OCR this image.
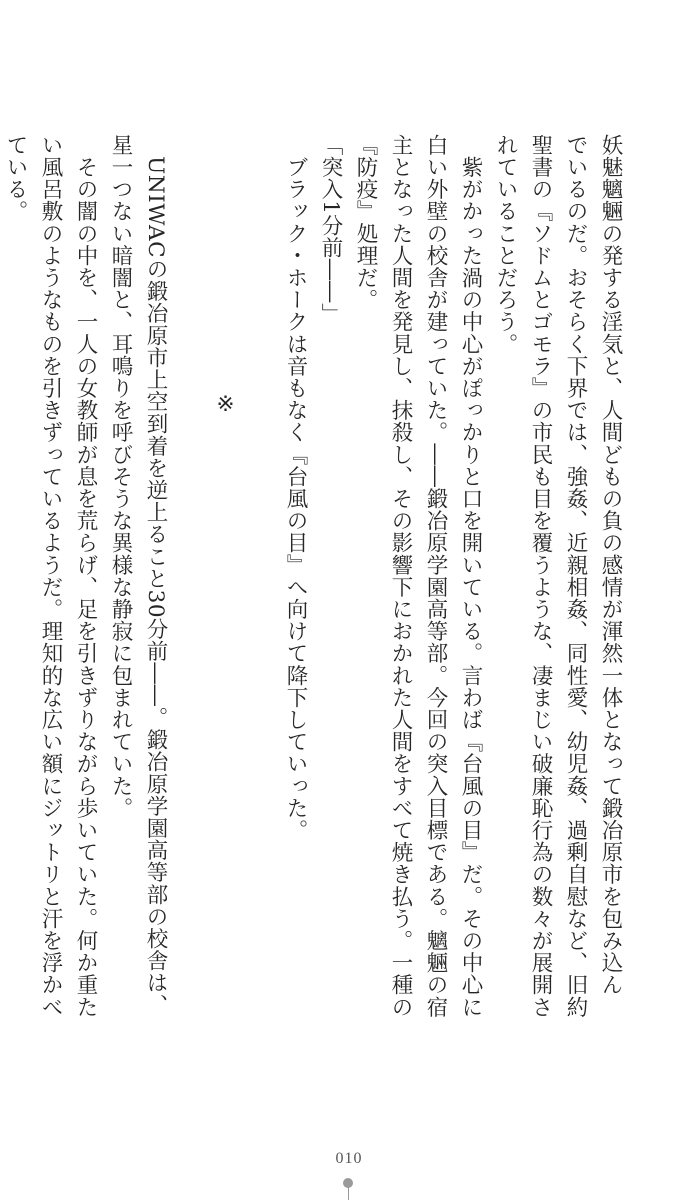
妖魅魑魎の発する淫気と、人間どもの負の感情が渾然一体となって鍛冶原市を包み込ん

でいるのだ。おそらく下界では、強姦、近親相姦、同性愛、幼児姦、過剰自慰など、旧約

聖書の『ソドムとゴモラ』の市民も目を覆うような、凄まじい破廉恥行為の数々が展開さ

れていることだろう。

　紫がかった渦の中心がぽっかりと口を開いている。言わば『台風の目』だ。その中心に

白い外壁の校舎が建っていた。――鍛冶原学園高等部。今回の突入目標である。魑魎の宿

主となった人間を発見し、抹殺し、その影響下におかれた人間をすべて焼き払う。一種の

『防疫』処理だ。

「突入1分前――」

　ブラック・ホークは音もなく『台風の目』へ向けて降下していった。

※

　UNIWACの鍛冶原市上空到着を逆上ること30分前――。鍛冶原学園高等部の校舎は、

星一つない暗闇と、耳鳴りを呼びそうな異様な静寂に包まれていた。

　その闇の中を、一人の女教師が息を荒らげ、足を引きずりながら歩いていた。何か重た

い風呂敷のようなものを引きずっているようだ。理知的な広い額にジットリと汗を浮かべ

ている。

010
